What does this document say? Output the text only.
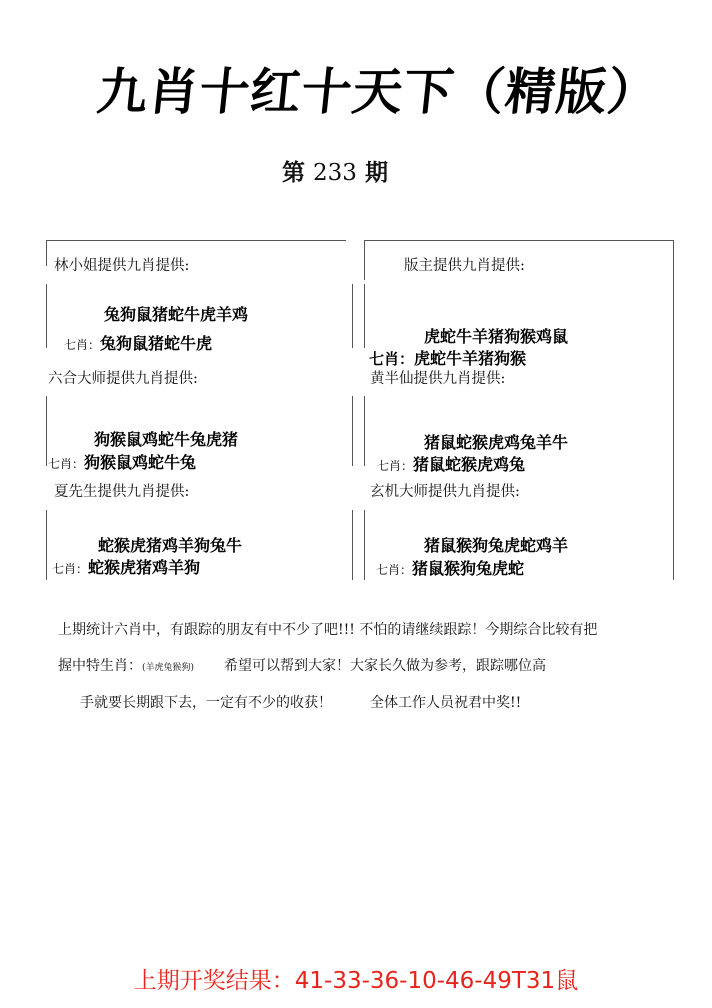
九肖十红十天下（精版）
第 233 期
林小姐提供九肖提供:
兔狗鼠猪蛇牛虎羊鸡
七肖：兔狗鼠猪蛇牛虎
版主提供九肖提供:
虎蛇牛羊猪狗猴鸡鼠
七肖：虎蛇牛羊猪狗猴
六合大师提供九肖提供:
狗猴鼠鸡蛇牛兔虎猪
七肖：狗猴鼠鸡蛇牛兔
黄半仙提供九肖提供:
猪鼠蛇猴虎鸡兔羊牛
七肖：猪鼠蛇猴虎鸡兔
夏先生提供九肖提供:
蛇猴虎猪鸡羊狗兔牛
七肖：蛇猴虎猪鸡羊狗
玄机大师提供九肖提供:
猪鼠猴狗兔虎蛇鸡羊
七肖：猪鼠猴狗兔虎蛇
上期统计六肖中，有跟踪的朋友有中不少了吧!!! 不怕的请继续跟踪！今期综合比较有把
握中特生肖：(羊虎兔猴狗) 希望可以帮到大家！大家长久做为参考，跟踪哪位高
手就要长期跟下去，一定有不少的收获！	全体工作人员祝君中奖!!
上期开奖结果：41-33-36-10-46-49T31鼠
